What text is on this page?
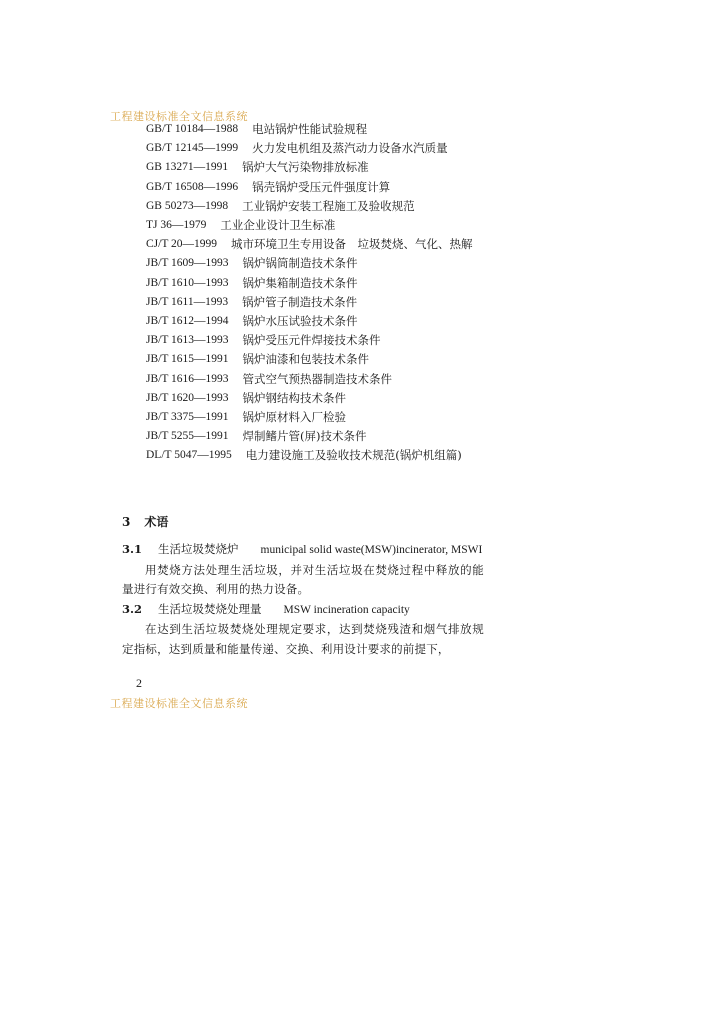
工程建设标准全文信息系统
GB/T 10184—1988 电站锅炉性能试验规程
GB/T 12145—1999 火力发电机组及蒸汽动力设备水汽质量
GB 13271—1991 锅炉大气污染物排放标准
GB/T 16508—1996 锅壳锅炉受压元件强度计算
GB 50273—1998 工业锅炉安装工程施工及验收规范
TJ 36—1979 工业企业设计卫生标准
CJ/T 20—1999 城市环境卫生专用设备　垃圾焚烧、气化、热解
JB/T 1609—1993 锅炉锅筒制造技术条件
JB/T 1610—1993 锅炉集箱制造技术条件
JB/T 1611—1993 锅炉管子制造技术条件
JB/T 1612—1994 锅炉水压试验技术条件
JB/T 1613—1993 锅炉受压元件焊接技术条件
JB/T 1615—1991 锅炉油漆和包装技术条件
JB/T 1616—1993 管式空气预热器制造技术条件
JB/T 1620—1993 锅炉钢结构技术条件
JB/T 3375—1991 锅炉原材料入厂检验
JB/T 5255—1991 焊制鳍片管(屏)技术条件
DL/T 5047—1995 电力建设施工及验收技术规范(锅炉机组篇)
3 术语
3.1 生活垃圾焚烧炉 municipal solid waste(MSW)incinerator, MSWI
用焚烧方法处理生活垃圾，并对生活垃圾在焚烧过程中释放的能量进行有效交换、利用的热力设备。
3.2 生活垃圾焚烧处理量 MSW incineration capacity
在达到生活垃圾焚烧处理规定要求，达到焚烧残渣和烟气排放规定指标，达到质量和能量传递、交换、利用设计要求的前提下，
2
工程建设标准全文信息系统
